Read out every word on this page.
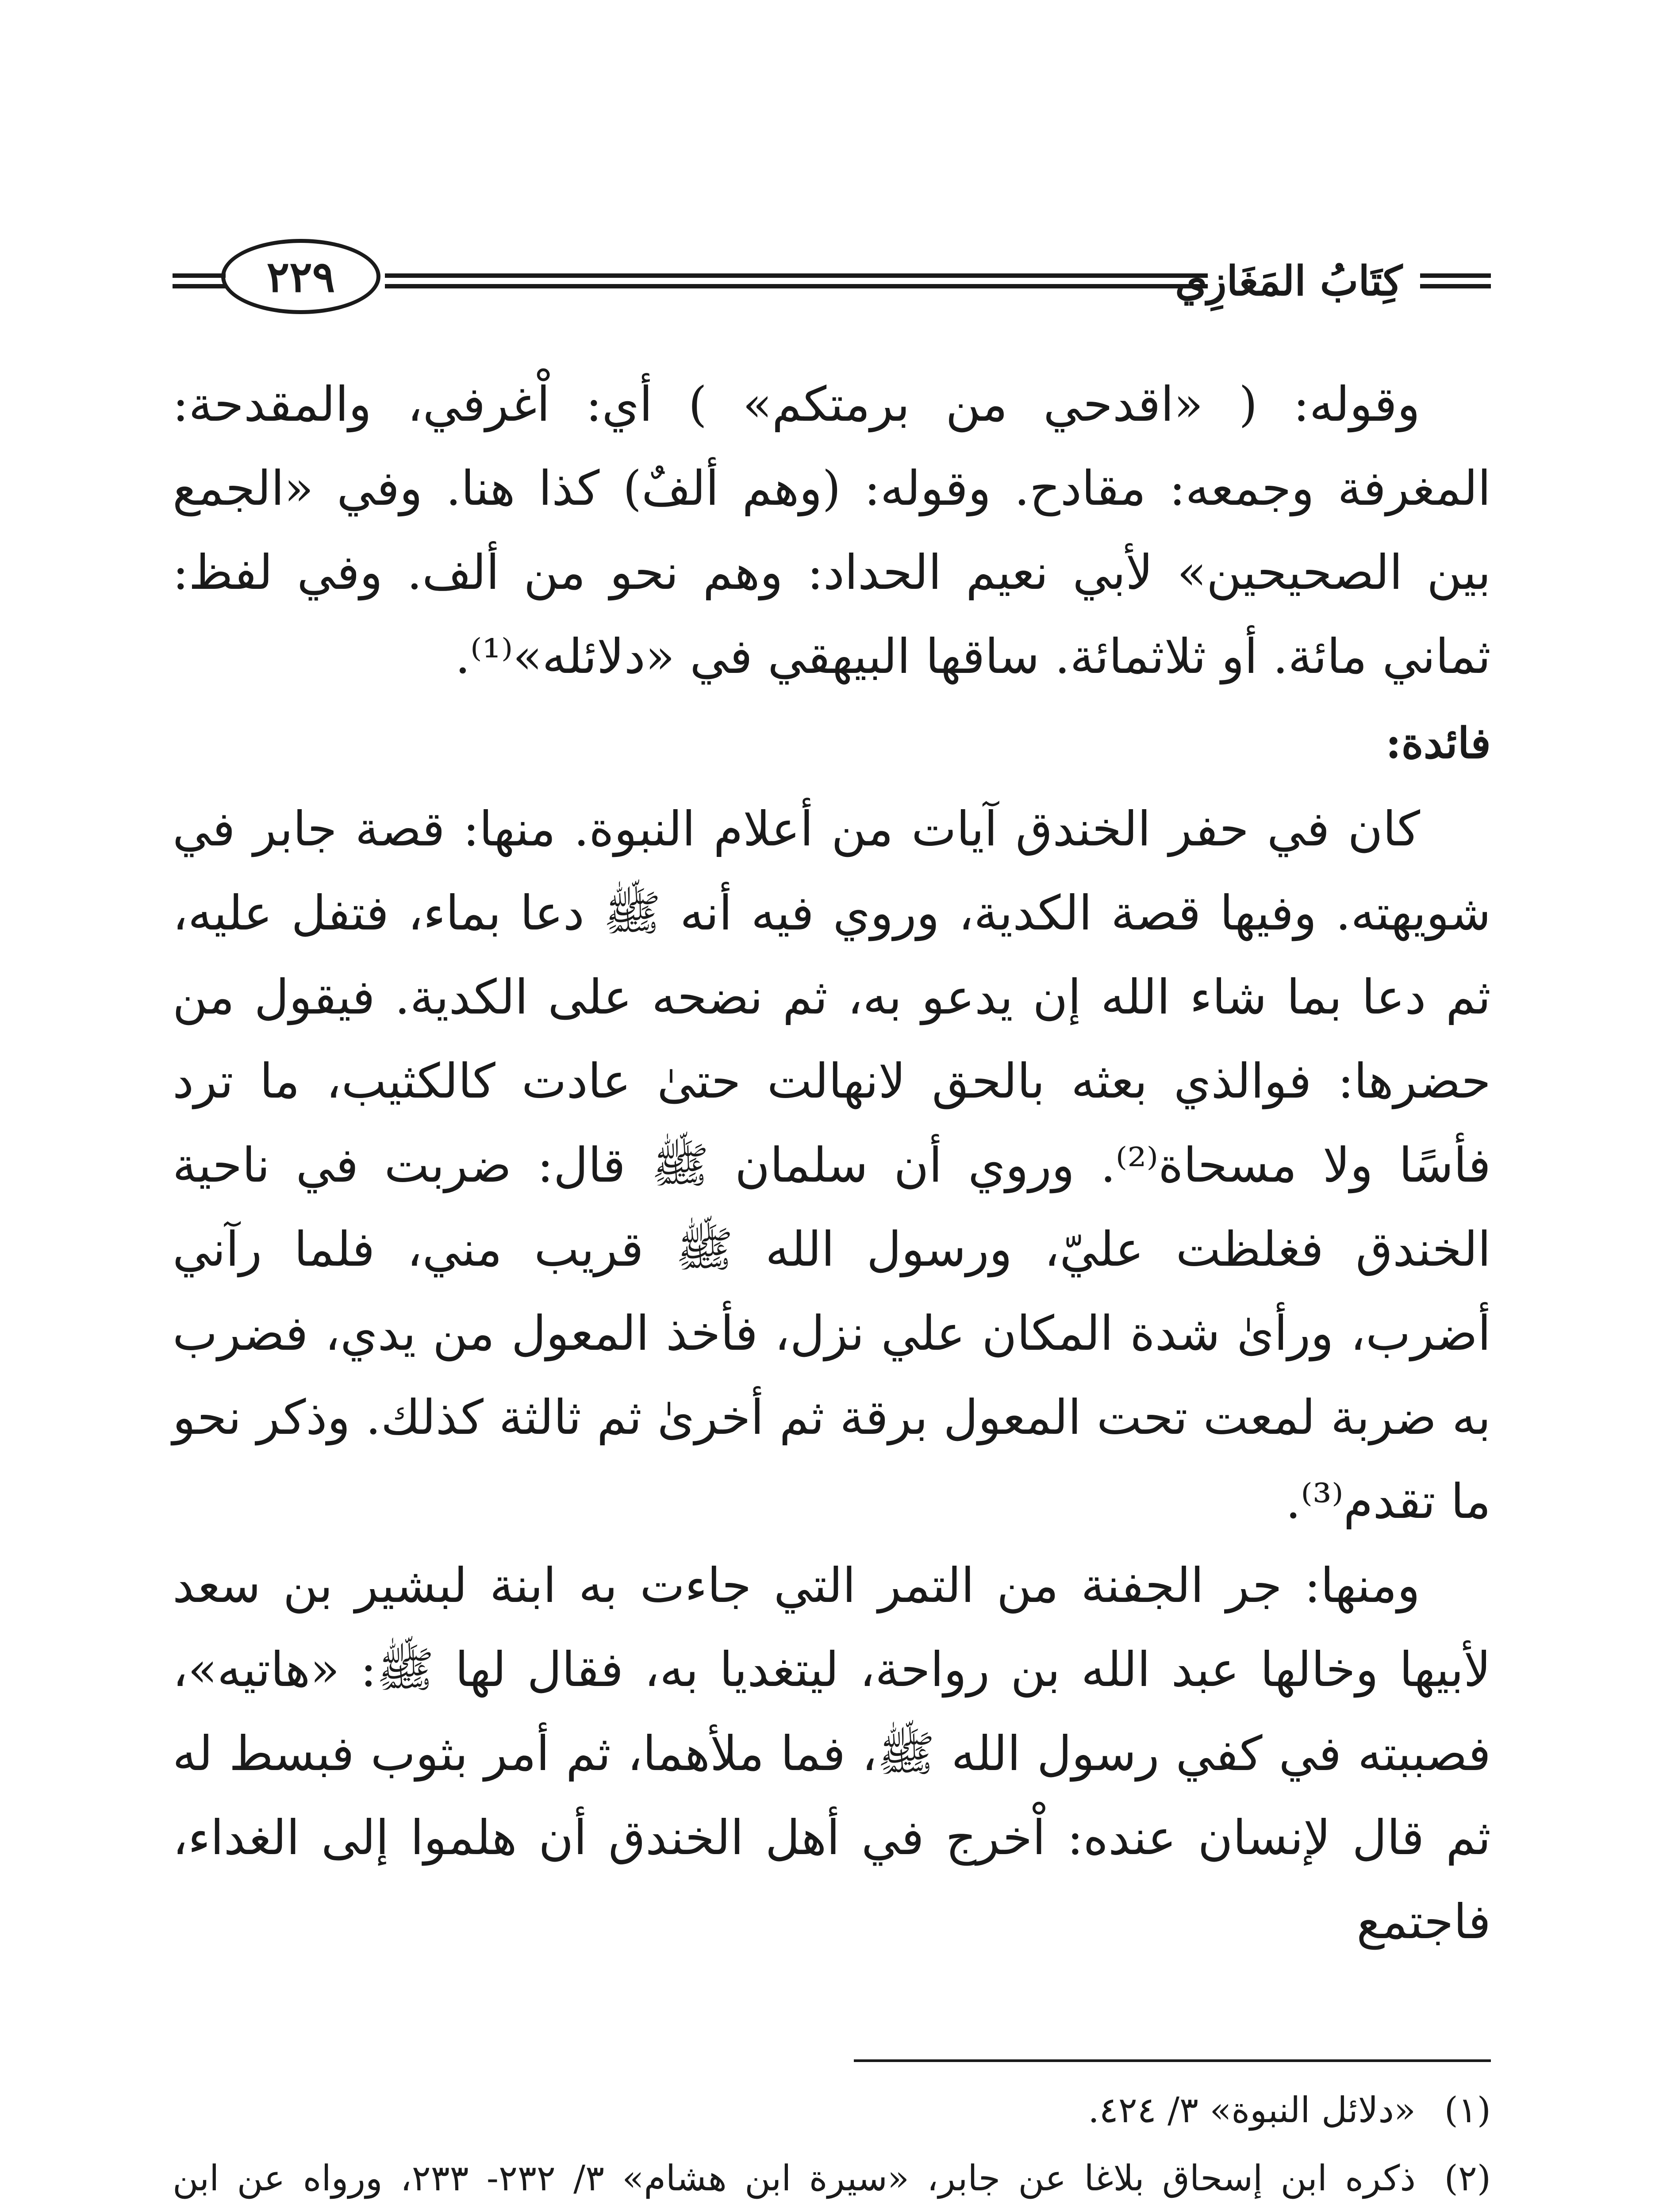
كِتَابُ المَغَازِي
٢٢٩

وقوله: ( «اقدحي من برمتكم» ) أي: اْغرفي، والمقدحة: المغرفة وجمعه: مقادح. وقوله: (وهم ألفٌ) كذا هنا. وفي «الجمع بين الصحيحين» لأبي نعيم الحداد: وهم نحو من ألف. وفي لفظ: ثماني مائة. أو ثلاثمائة. ساقها البيهقي في «دلائله»⁽¹⁾.

فائدة:

كان في حفر الخندق آيات من أعلام النبوة. منها: قصة جابر في شويهته. وفيها قصة الكدية، وروي فيه أنه ﷺ دعا بماء، فتفل عليه، ثم دعا بما شاء الله إن يدعو به، ثم نضحه على الكدية. فيقول من حضرها: فوالذي بعثه بالحق لانهالت حتىٰ عادت كالكثيب، ما ترد فأسًا ولا مسحاة⁽²⁾. وروي أن سلمان ﷺ قال: ضربت في ناحية الخندق فغلظت عليّ، ورسول الله ﷺ قريب مني، فلما رآني أضرب، ورأىٰ شدة المكان علي نزل، فأخذ المعول من يدي، فضرب به ضربة لمعت تحت المعول برقة ثم أخرىٰ ثم ثالثة كذلك. وذكر نحو ما تقدم⁽³⁾.

ومنها: جر الجفنة من التمر التي جاءت به ابنة لبشير بن سعد لأبيها وخالها عبد الله بن رواحة، ليتغديا به، فقال لها ﷺ: «هاتيه»، فصببته في كفي رسول الله ﷺ، فما ملأهما، ثم أمر بثوب فبسط له ثم قال لإنسان عنده: اْخرج في أهل الخندق أن هلموا إلى الغداء، فاجتمع

(١)
«دلائل النبوة» ٣/ ٤٢٤.

(٢)
ذكره ابن إسحاق بلاغا عن جابر، «سيرة ابن هشام» ٣/ ٢٣٢- ٢٣٣، ورواه عن ابن
